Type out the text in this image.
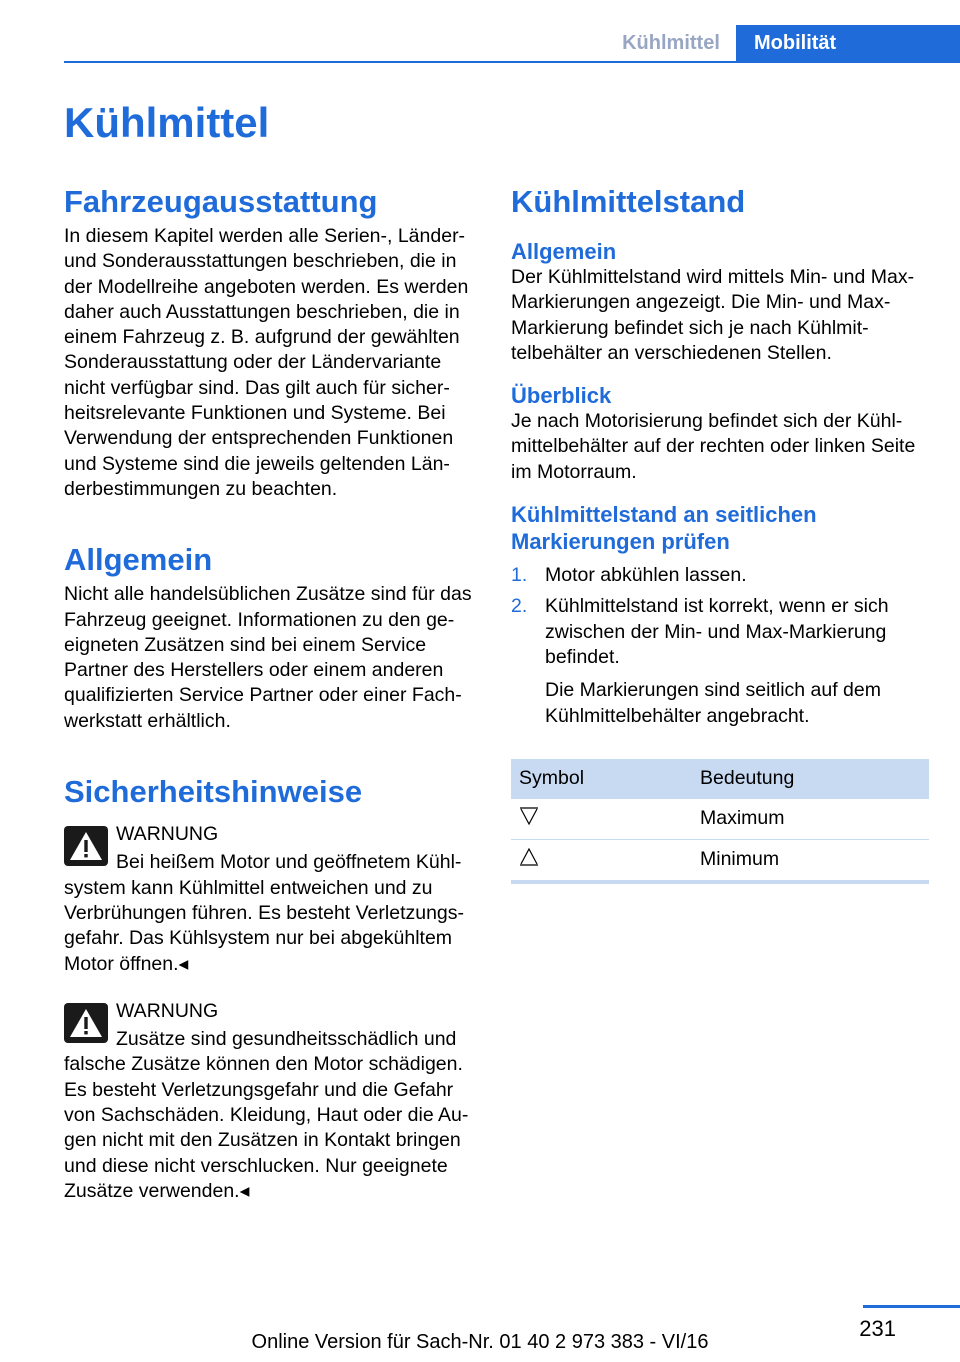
Kühlmittel	Mobilität
Kühlmittel
Fahrzeugausstattung

In diesem Kapitel werden alle Serien-, Länder- und Sonderausstattungen beschrieben, die in der Modellreihe angeboten werden. Es werden daher auch Ausstattungen beschrieben, die in einem Fahrzeug z. B. aufgrund der gewählten Sonderausstattung oder der Ländervariante nicht verfügbar sind. Das gilt auch für sicher- heitsrelevante Funktionen und Systeme. Bei Verwendung der entsprechenden Funktionen und Systeme sind die jeweils geltenden Län- derbestimmungen zu beachten.

Allgemein

Nicht alle handelsüblichen Zusätze sind für das Fahrzeug geeignet. Informationen zu den ge- eigneten Zusätzen sind bei einem Service Partner des Herstellers oder einem anderen qualifizierten Service Partner oder einer Fach- werkstatt erhältlich.

Sicherheitshinweise

WARNUNG

Bei heißem Motor und geöffnetem Kühl-

system kann Kühlmittel entweichen und zu Verbrühungen führen. Es besteht Verletzungs- gefahr. Das Kühlsystem nur bei abgekühltem Motor öffnen.◂

WARNUNG

Zusätze sind gesundheitsschädlich und

falsche Zusätze können den Motor schädigen. Es besteht Verletzungsgefahr und die Gefahr von Sachschäden. Kleidung, Haut oder die Au- gen nicht mit den Zusätzen in Kontakt bringen und diese nicht verschlucken. Nur geeignete Zusätze verwenden.◂

Kühlmittelstand
Allgemein

Der Kühlmittelstand wird mittels Min- und Max-Markierungen angezeigt. Die Min- und Max-Markierung befindet sich je nach Kühlmit- telbehälter an verschiedenen Stellen.

Überblick

Je nach Motorisierung befindet sich der Kühl- mittelbehälter auf der rechten oder linken Seite im Motorraum.

Kühlmittelstand an seitlichen Markierungen prüfen
1. Motor abkühlen lassen.
2. Kühlmittelstand ist korrekt, wenn er sich zwischen der Min- und Max-Markierung befindet.
Die Markierungen sind seitlich auf dem Kühlmittelbehälter angebracht.
Symbol	Bedeutung
	Maximum
	Minimum
231
Online Version für Sach-Nr. 01 40 2 973 383 - VI/16
